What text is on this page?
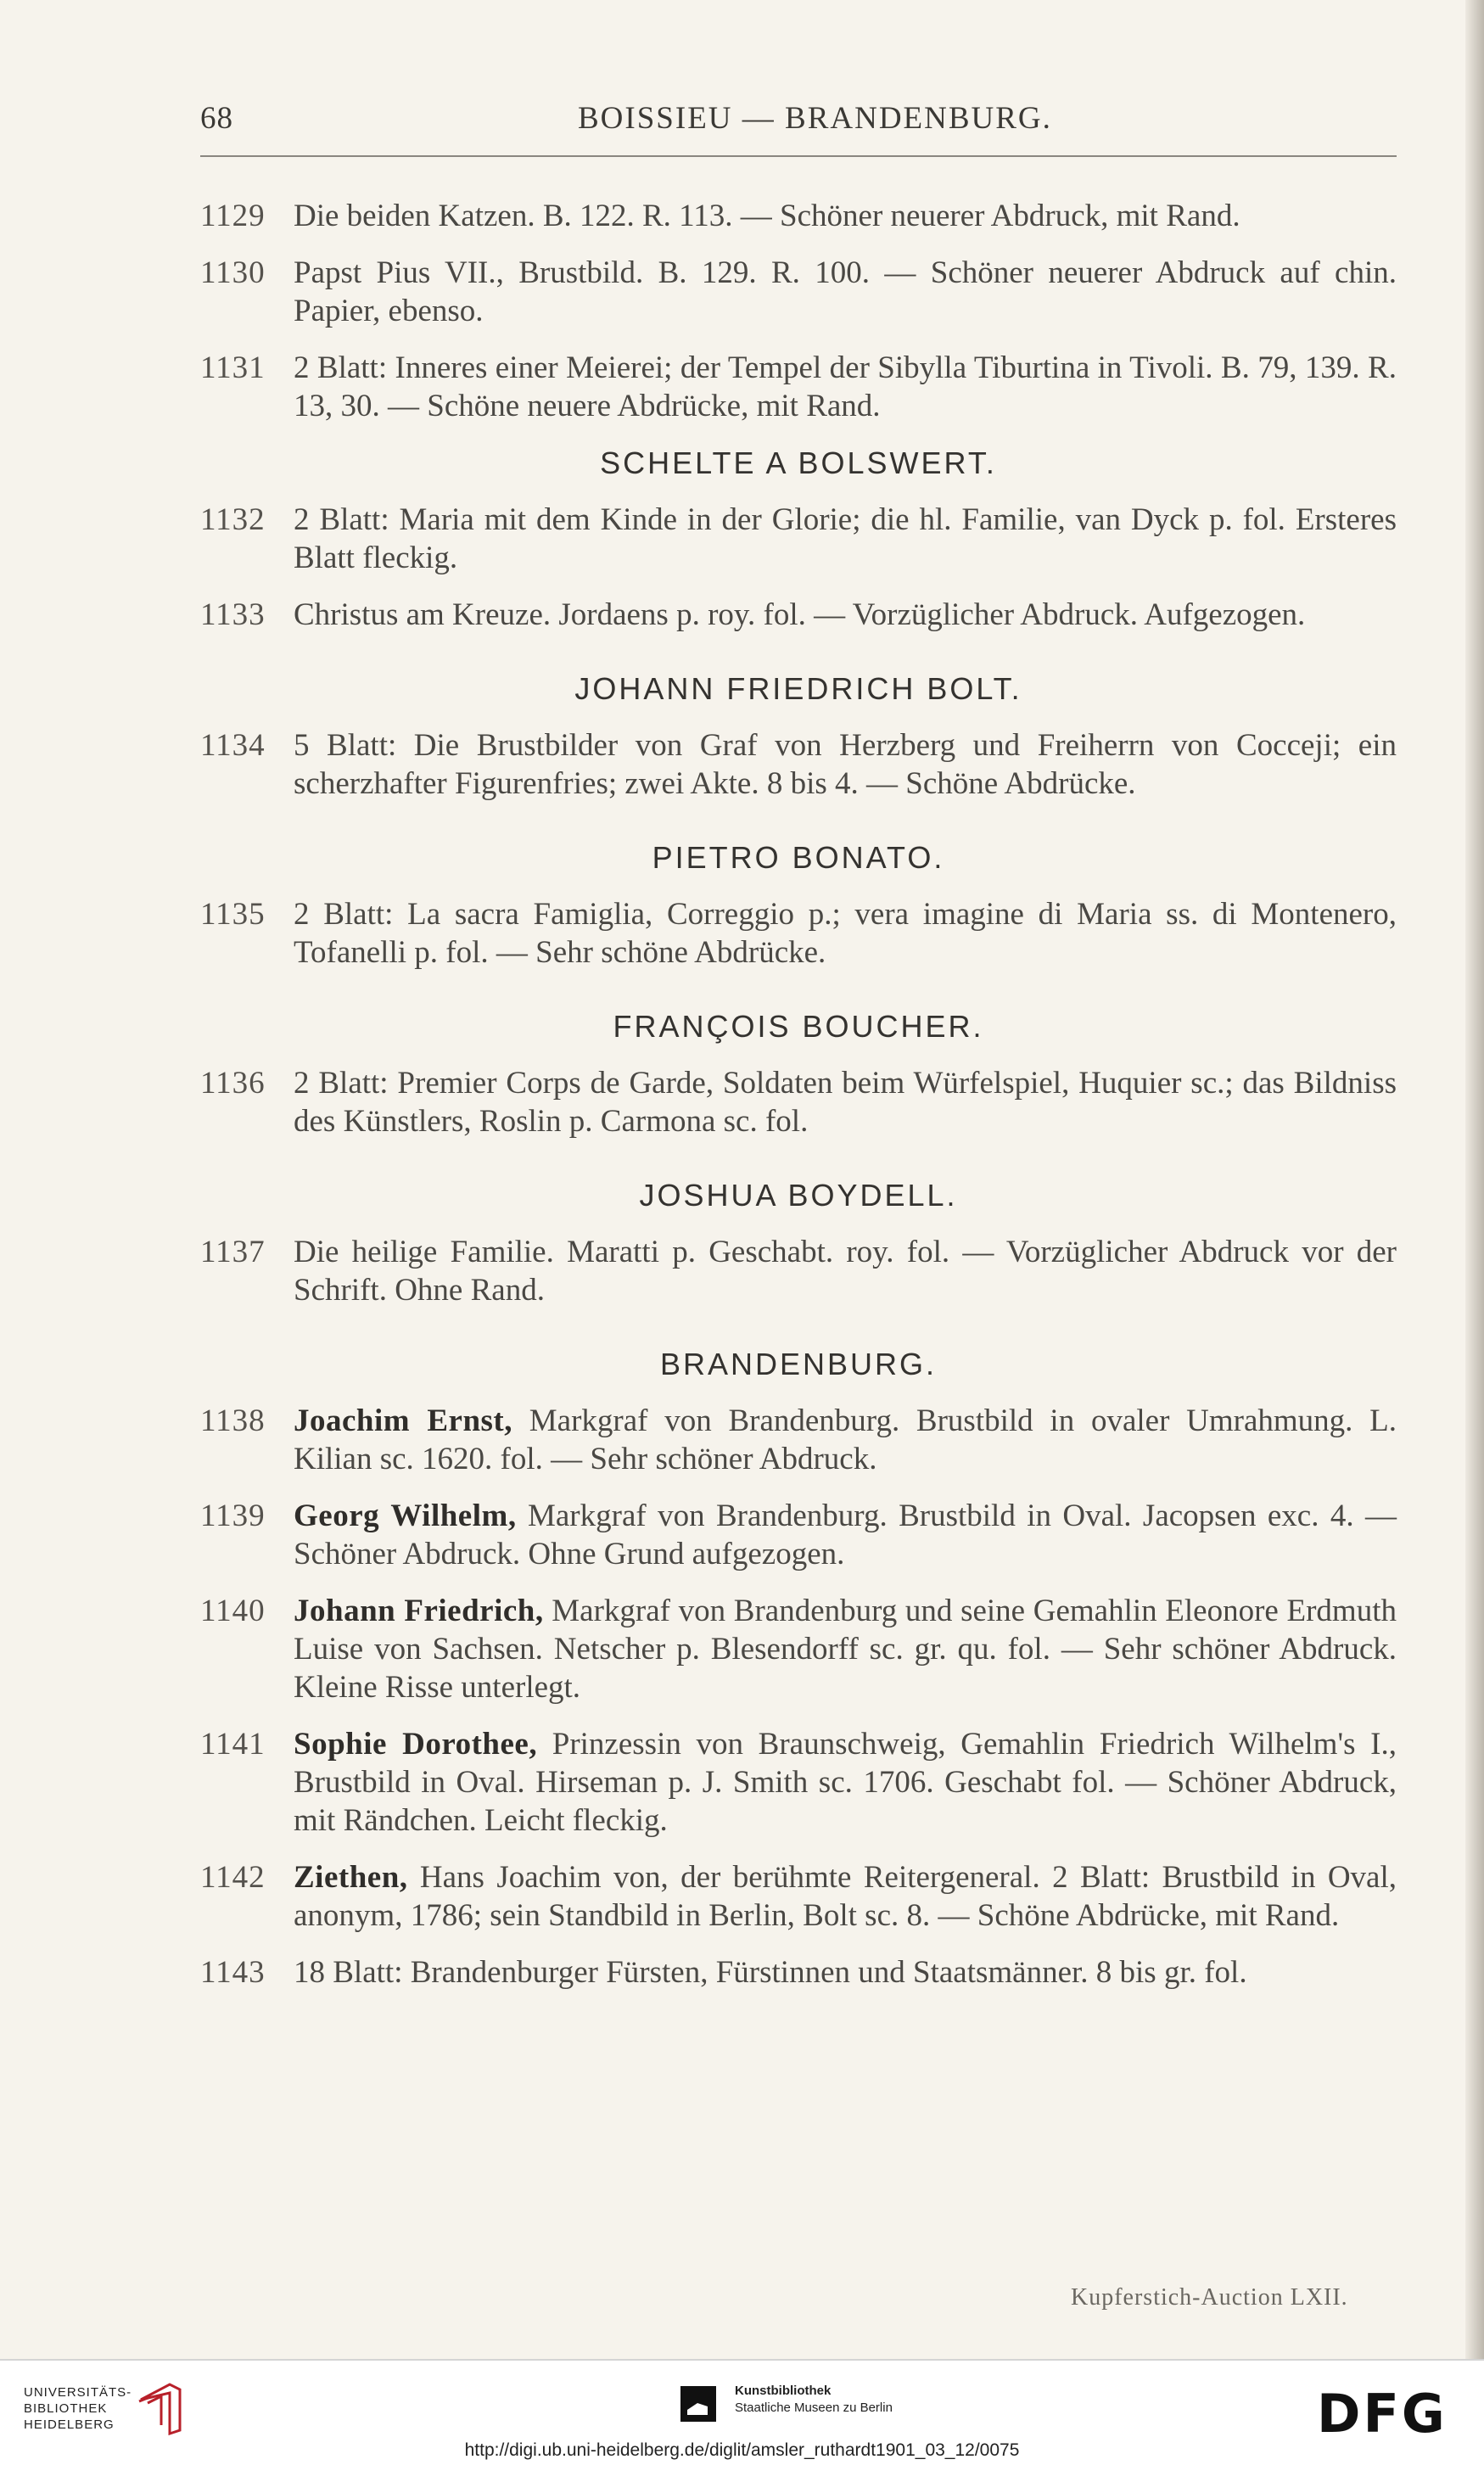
68	BOISSIEU — BRANDENBURG.
1129 Die beiden Katzen. B. 122. R. 113. — Schöner neuerer Abdruck, mit Rand.
1130 Papst Pius VII., Brustbild. B. 129. R. 100. — Schöner neuerer Abdruck auf chin. Papier, ebenso.
1131 2 Blatt: Inneres einer Meierei; der Tempel der Sibylla Tiburtina in Tivoli. B. 79, 139. R. 13, 30. — Schöne neuere Abdrücke, mit Rand.
SCHELTE A BOLSWERT.
1132 2 Blatt: Maria mit dem Kinde in der Glorie; die hl. Familie, van Dyck p. fol. Ersteres Blatt fleckig.
1133 Christus am Kreuze. Jordaens p. roy. fol. — Vorzüglicher Abdruck. Aufgezogen.
JOHANN FRIEDRICH BOLT.
1134 5 Blatt: Die Brustbilder von Graf von Herzberg und Freiherrn von Cocceji; ein scherzhafter Figurenfries; zwei Akte. 8 bis 4. — Schöne Abdrücke.
PIETRO BONATO.
1135 2 Blatt: La sacra Famiglia, Correggio p.; vera imagine di Maria ss. di Montenero, Tofanelli p. fol. — Sehr schöne Abdrücke.
FRANÇOIS BOUCHER.
1136 2 Blatt: Premier Corps de Garde, Soldaten beim Würfelspiel, Huquier sc.; das Bildniss des Künstlers, Roslin p. Carmona sc. fol.
JOSHUA BOYDELL.
1137 Die heilige Familie. Maratti p. Geschabt. roy. fol. — Vorzüglicher Abdruck vor der Schrift. Ohne Rand.
BRANDENBURG.
1138 Joachim Ernst, Markgraf von Brandenburg. Brustbild in ovaler Umrahmung. L. Kilian sc. 1620. fol. — Sehr schöner Abdruck.
1139 Georg Wilhelm, Markgraf von Brandenburg. Brustbild in Oval. Jacopsen exc. 4. — Schöner Abdruck. Ohne Grund aufgezogen.
1140 Johann Friedrich, Markgraf von Brandenburg und seine Gemahlin Eleonore Erdmuth Luise von Sachsen. Netscher p. Blesendorff sc. gr. qu. fol. — Sehr schöner Abdruck. Kleine Risse unterlegt.
1141 Sophie Dorothee, Prinzessin von Braunschweig, Gemahlin Friedrich Wilhelm's I., Brustbild in Oval. Hirseman p. J. Smith sc. 1706. Geschabt fol. — Schöner Abdruck, mit Rändchen. Leicht fleckig.
1142 Ziethen, Hans Joachim von, der berühmte Reitergeneral. 2 Blatt: Brustbild in Oval, anonym, 1786; sein Standbild in Berlin, Bolt sc. 8. — Schöne Abdrücke, mit Rand.
1143 18 Blatt: Brandenburger Fürsten, Fürstinnen und Staatsmänner. 8 bis gr. fol.
Kupferstich-Auction LXII.
UNIVERSITÄTS-
BIBLIOTHEK
HEIDELBERG
Kunstbibliothek
Staatliche Museen zu Berlin	DFG
http://digi.ub.uni-heidelberg.de/diglit/amsler_ruthardt1901_03_12/0075
